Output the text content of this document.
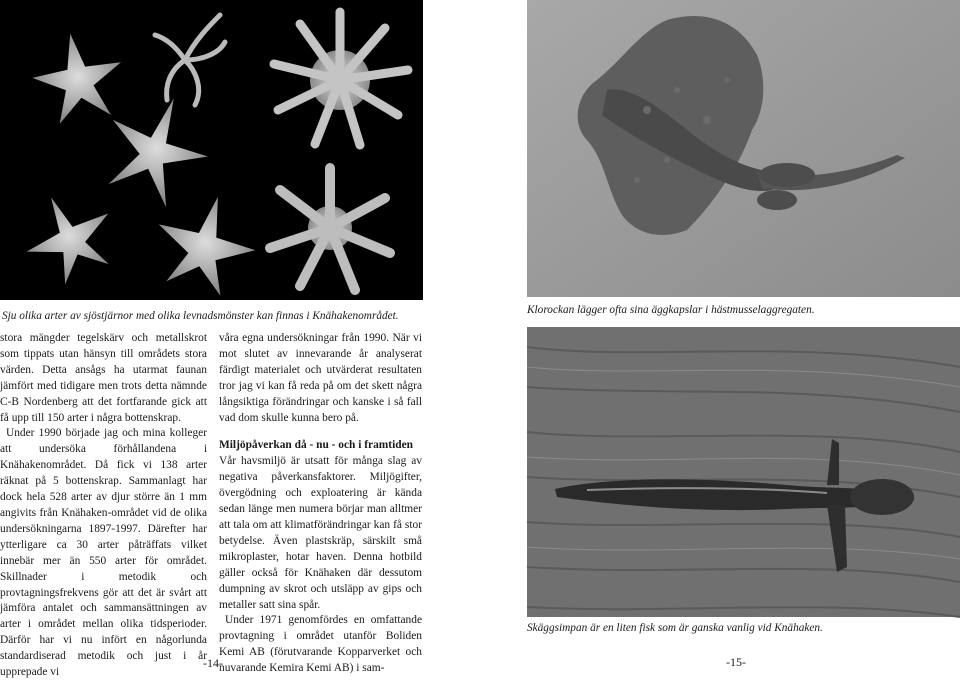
Sju olika arter av sjöstjärnor med olika levnadsmönster kan finnas i Knähakenområdet.

stora mängder tegelskärv och metallskrot som tippats utan hänsyn till områdets stora värden. Detta ansågs ha utarmat faunan jämfört med tidigare men trots detta nämnde C-B Nordenberg att det fortfarande gick att få upp till 150 arter i några bottenskrap.

Under 1990 började jag och mina kolleger att undersöka förhållandena i Knähakenområdet. Då fick vi 138 arter räknat på 5 bottenskrap. Sammanlagt har dock hela 528 arter av djur större än 1 mm angivits från Knähaken-området vid de olika undersökningarna 1897-1997. Därefter har ytterligare ca 30 arter påträffats vilket innebär mer än 550 arter för området. Skillnader i metodik och provtagningsfrekvens gör att det är svårt att jämföra antalet och sammansättningen av arter i området mellan olika tidsperioder. Därför har vi nu infört en någorlunda standardiserad metodik och just i år upprepade vi

våra egna undersökningar från 1990. När vi mot slutet av innevarande år analyserat färdigt materialet och utvärderat resultaten tror jag vi kan få reda på om det skett några långsiktiga förändringar och kanske i så fall vad dom skulle kunna bero på.

Miljöpåverkan då - nu - och i framtiden

Vår havsmiljö är utsatt för många slag av negativa påverkansfaktorer. Miljögifter, övergödning och exploatering är kända sedan länge men numera börjar man alltmer att tala om att klimatförändringar kan få stor betydelse. Även plastskräp, särskilt små mikroplaster, hotar haven. Denna hotbild gäller också för Knähaken där dessutom dumpning av skrot och utsläpp av gips och metaller satt sina spår.

Under 1971 genomfördes en omfattande provtagning i området utanför Boliden Kemi AB (förutvarande Kopparverket och nuvarande Kemira Kemi AB) i sam-

-14-
Klorockan lägger ofta sina äggkapslar i hästmusselaggregaten.
Skäggsimpan är en liten fisk som är ganska vanlig vid Knähaken.
-15-
